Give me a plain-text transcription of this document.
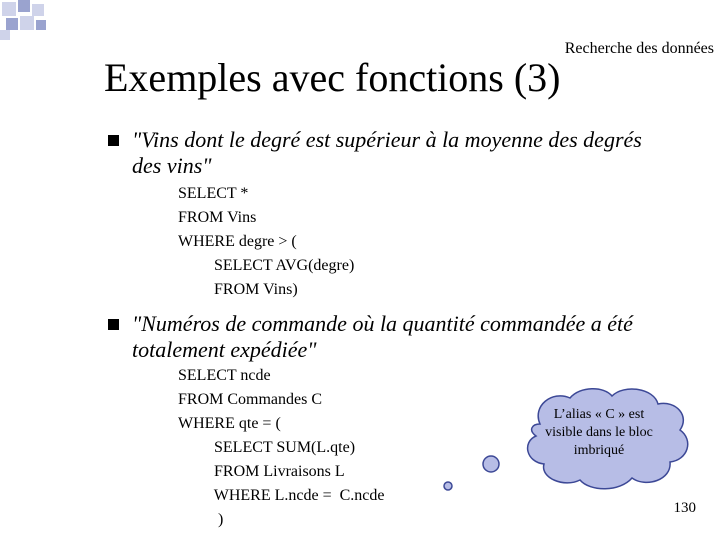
Recherche des données
Exemples avec fonctions (3)
"Vins dont le degré est supérieur à la moyenne des degrés
des vins"
SELECT *
FROM Vins
WHERE degre > (
SELECT AVG(degre)
FROM Vins)
"Numéros de commande où la quantité commandée a été
totalement expédiée"
SELECT ncde
FROM Commandes C
WHERE qte = (
SELECT SUM(L.qte)
FROM Livraisons L
WHERE L.ncde =  C.ncde
)
L’alias « C » est visible dans le bloc imbriqué
130
